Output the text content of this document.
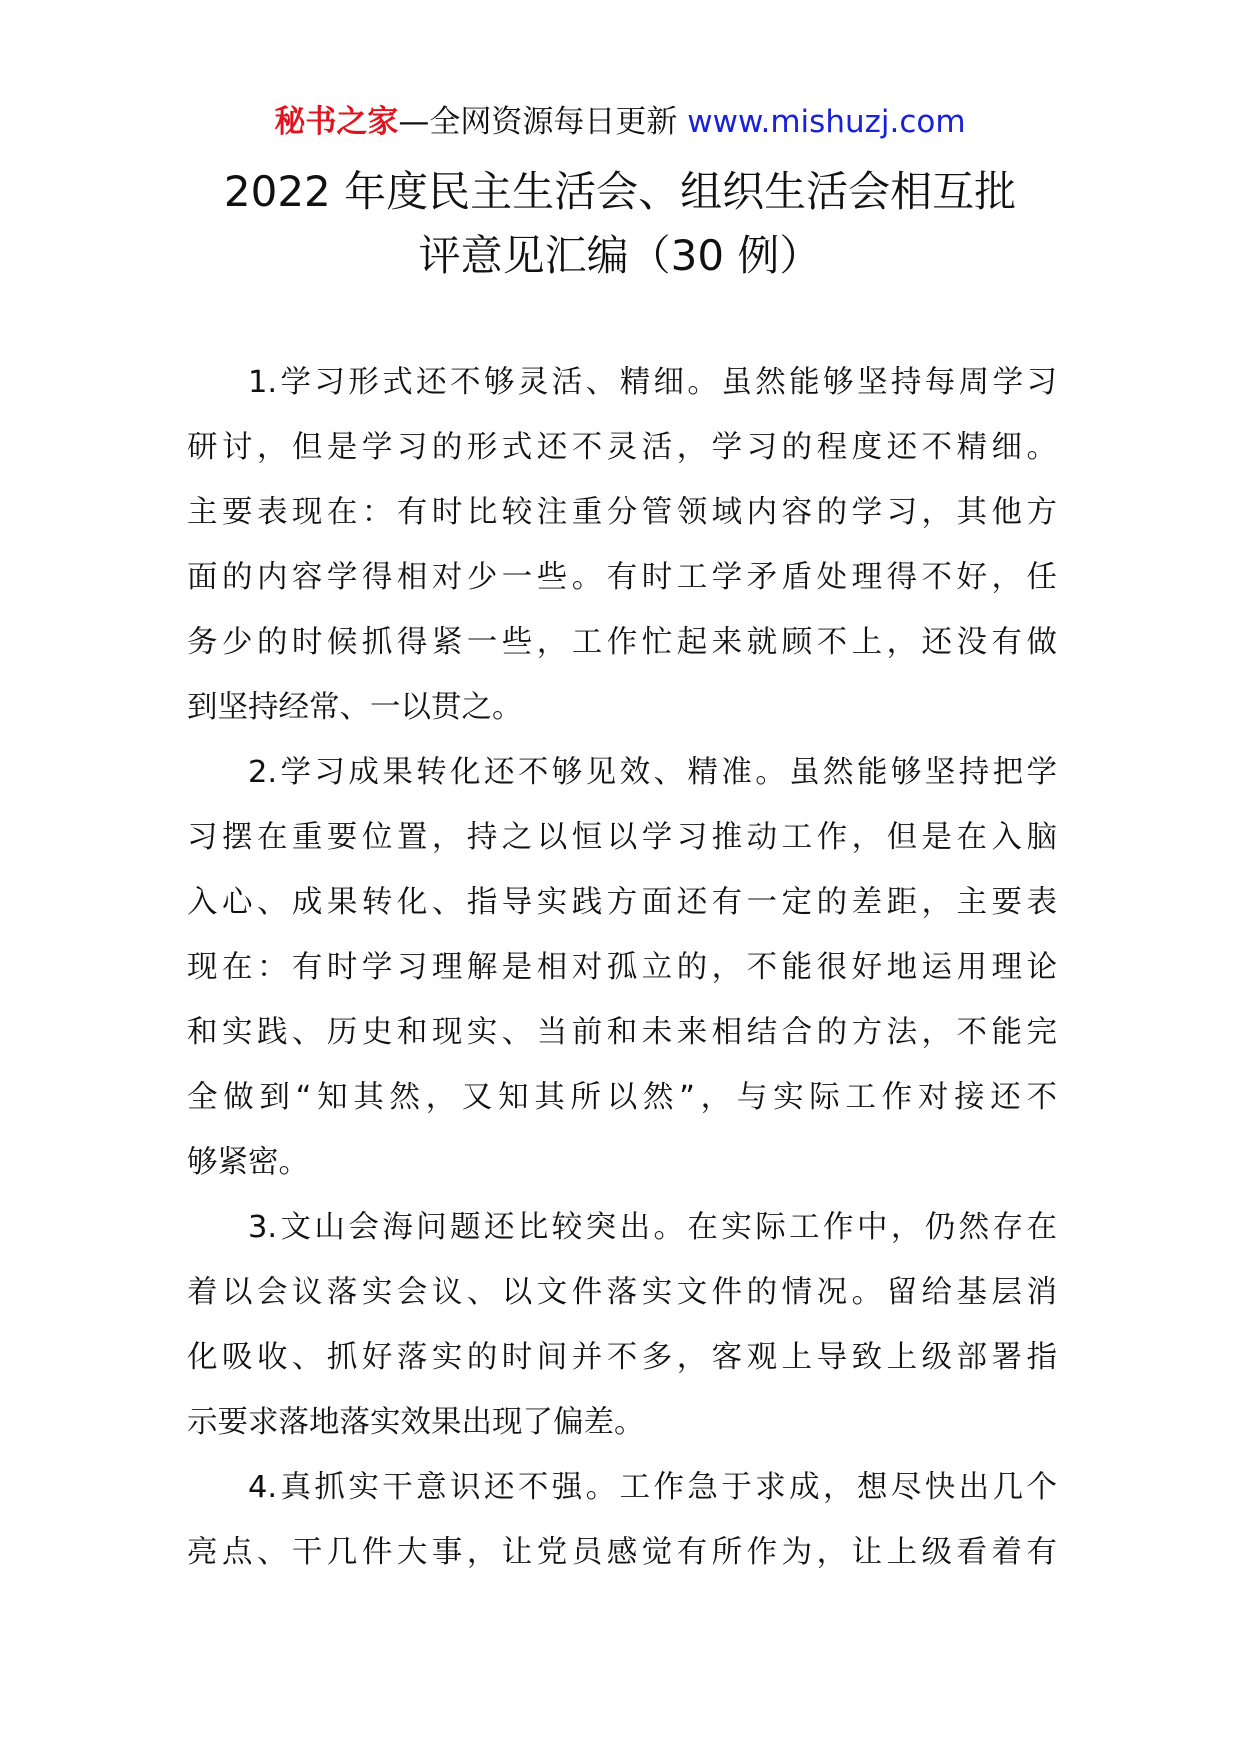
秘书之家—全网资源每日更新 www.mishuzj.com
2022 年度民主生活会、组织生活会相互批
评意见汇编（30 例）

1.学习形式还不够灵活、精细。虽然能够坚持每周学习
研讨，但是学习的形式还不灵活，学习的程度还不精细。
主要表现在：有时比较注重分管领域内容的学习，其他方
面的内容学得相对少一些。有时工学矛盾处理得不好，任
务少的时候抓得紧一些，工作忙起来就顾不上，还没有做
到坚持经常、一以贯之。

2.学习成果转化还不够见效、精准。虽然能够坚持把学
习摆在重要位置，持之以恒以学习推动工作，但是在入脑
入心、成果转化、指导实践方面还有一定的差距，主要表
现在：有时学习理解是相对孤立的，不能很好地运用理论
和实践、历史和现实、当前和未来相结合的方法，不能完
全做到“知其然，又知其所以然”，与实际工作对接还不
够紧密。

3.文山会海问题还比较突出。在实际工作中，仍然存在
着以会议落实会议、以文件落实文件的情况。留给基层消
化吸收、抓好落实的时间并不多，客观上导致上级部署指
示要求落地落实效果出现了偏差。

4.真抓实干意识还不强。工作急于求成，想尽快出几个
亮点、干几件大事，让党员感觉有所作为，让上级看着有
